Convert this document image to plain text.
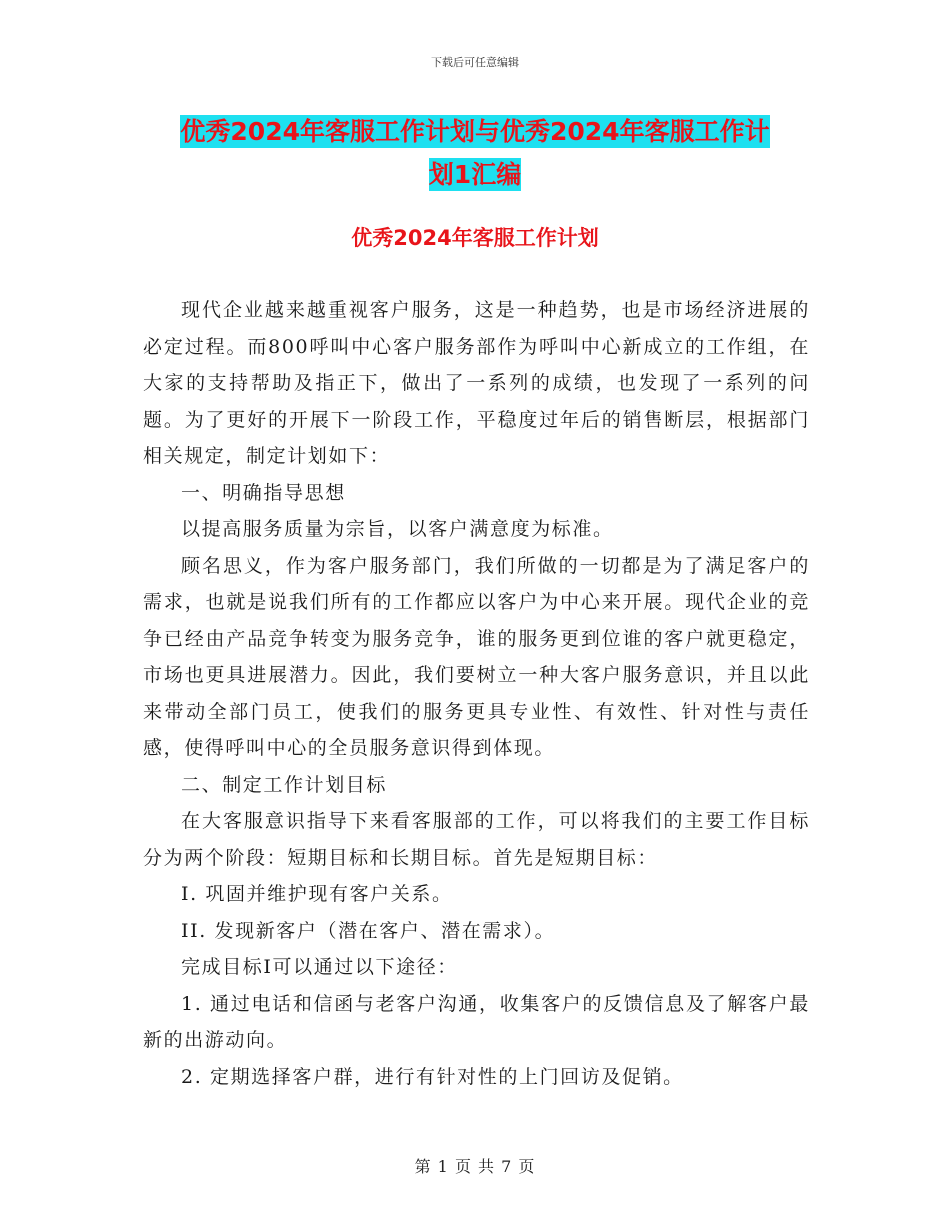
下载后可任意编辑
优秀2024年客服工作计划与优秀2024年客服工作计
划1汇编
优秀2024年客服工作计划

现代企业越来越重视客户服务，这是一种趋势，也是市场经济进展的必定过程。而800呼叫中心客户服务部作为呼叫中心新成立的工作组，在大家的支持帮助及指正下，做出了一系列的成绩，也发现了一系列的问题。为了更好的开展下一阶段工作，平稳度过年后的销售断层，根据部门相关规定，制定计划如下：

一、明确指导思想

以提高服务质量为宗旨，以客户满意度为标准。

顾名思义，作为客户服务部门，我们所做的一切都是为了满足客户的需求，也就是说我们所有的工作都应以客户为中心来开展。现代企业的竞争已经由产品竞争转变为服务竞争，谁的服务更到位谁的客户就更稳定，市场也更具进展潜力。因此，我们要树立一种大客户服务意识，并且以此来带动全部门员工，使我们的服务更具专业性、有效性、针对性与责任感，使得呼叫中心的全员服务意识得到体现。

二、制定工作计划目标

在大客服意识指导下来看客服部的工作，可以将我们的主要工作目标分为两个阶段：短期目标和长期目标。首先是短期目标：

I. 巩固并维护现有客户关系。

II. 发现新客户（潜在客户、潜在需求）。

完成目标I可以通过以下途径：

1. 通过电话和信函与老客户沟通，收集客户的反馈信息及了解客户最新的出游动向。

2. 定期选择客户群，进行有针对性的上门回访及促销。

第 1 页 共 7 页
